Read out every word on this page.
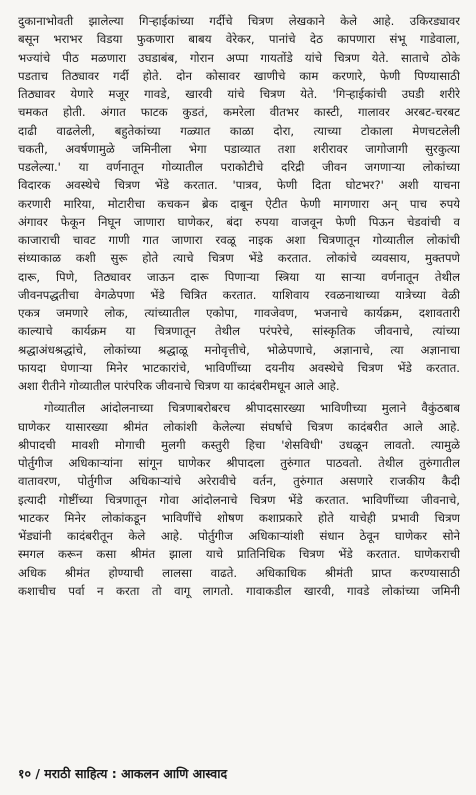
दुकानाभोवती झालेल्या गिऱ्हाईकांच्या गर्दीचे चित्रण लेखकाने केले आहे. उकिरड्यावर
बसून भराभर विडया फुकणारा बाबय वेरेकर, पानांचे देठ कापणारा संभू गाडेवाला,
भज्यांचे पीठ मळणारा उघडाबंब, गोरान अप्पा गायतोंडे यांचे चित्रण येते. साताचे ठोके
पडताच तिठ्यावर गर्दी होते. दोन कोसावर खाणीचे काम करणारे, फेणी पिण्यासाठी
तिठ्यावर येणारे मजूर गावडे, खारवी यांचे चित्रण येते. 'गिऱ्हाईकांची उघडी शरीरे
चमकत होती. अंगात फाटक कुडतं, कमरेला वीतभर कास्टी, गालावर अरबट-चरबट
दाढी वाढलेली, बहुतेकांच्या गळ्यात काळा दोरा, त्याच्या टोकाला मेणचटलेली
चकती, अवर्षणामुळे जमिनीला भेगा पडाव्यात तशा शरीरावर जागोजागी सुरकुत्या
पडलेल्या.' या वर्णनातून गोव्यातील पराकोटीचे दरिद्री जीवन जगणाऱ्या लोकांच्या
विदारक अवस्थेचे चित्रण भेंडे करतात. 'पात्रव, फेणी दिता घोटभर?' अशी याचना
करणारी मारिया, मोटारीचा कचकन ब्रेक दाबून ऐटीत फेणी मागणारा अन् पाच रुपये
अंगावर फेकून निघून जाणारा घाणेकर, बंदा रुपया वाजवून फेणी पिऊन चेडवांची व
काजाराची चावट गाणी गात जाणारा रवळू नाइक अशा चित्रणातून गोव्यातील लोकांची
संध्याकाळ कशी सुरू होते त्याचे चित्रण भेंडे करतात. लोकांचे व्यवसाय, मुक्तपणे
दारू, पिणे, तिठ्यावर जाऊन दारू पिणाऱ्या स्त्रिया या साऱ्या वर्णनातून तेथील
जीवनपद्धतीचा वेगळेपणा भेंडे चित्रित करतात. याशिवाय रवळनाथाच्या यात्रेच्या वेळी
एकत्र जमणारे लोक, त्यांच्यातील एकोपा, गावजेवण, भजनाचे कार्यक्रम, दशावतारी
काल्याचे कार्यक्रम या चित्रणातून तेथील परंपरेचे, सांस्कृतिक जीवनाचे, त्यांच्या
श्रद्धाअंधश्रद्धांचे, लोकांच्या श्रद्धाळू मनोवृत्तीचे, भोळेपणाचे, अज्ञानाचे, त्या अज्ञानाचा
फायदा घेणाऱ्या मिनेर भाटकारांचे, भाविणींच्या दयनीय अवस्थेचे चित्रण भेंडे करतात.
अशा रीतीने गोव्यातील पारंपरिक जीवनाचे चित्रण या कादंबरीमधून आले आहे.
गोव्यातील आंदोलनाच्या चित्रणाबरोबरच श्रीपादसारख्या भाविणीच्या मुलाने वैकुंठबाब
घाणेकर यासारख्या श्रीमंत लोकांशी केलेल्या संघर्षाचे चित्रण कादंबरीत आले आहे.
श्रीपादची मावशी मोगाची मुलगी कस्तुरी हिचा 'शेसविधी' उधळून लावतो. त्यामुळे
पोर्तुगीज अधिकाऱ्यांना सांगून घाणेकर श्रीपादला तुरुंगात पाठवतो. तेथील तुरुंगातील
वातावरण, पोर्तुगीज अधिकाऱ्यांचे अरेरावीचे वर्तन, तुरुंगात असणारे राजकीय कैदी
इत्यादी गोष्टींच्या चित्रणातून गोवा आंदोलनाचे चित्रण भेंडे करतात. भाविणींच्या जीवनाचे,
भाटकर मिनेर लोकांकडून भाविणींचे शोषण कशाप्रकारे होते याचेही प्रभावी चित्रण
भेंड्यांनी कादंबरीतून केले आहे. पोर्तुगीज अधिकाऱ्यांशी संधान ठेवून घाणेकर सोने
स्मगल करून कसा श्रीमंत झाला याचे प्रातिनिधिक चित्रण भेंडे करतात. घाणेकराची
अधिक श्रीमंत होण्याची लालसा वाढते. अधिकाधिक श्रीमंती प्राप्त करण्यासाठी
कशाचीच पर्वा न करता तो वागू लागतो. गावाकडील खारवी, गावडे लोकांच्या जमिनी
१० / मराठी साहित्य : आकलन आणि आस्वाद
